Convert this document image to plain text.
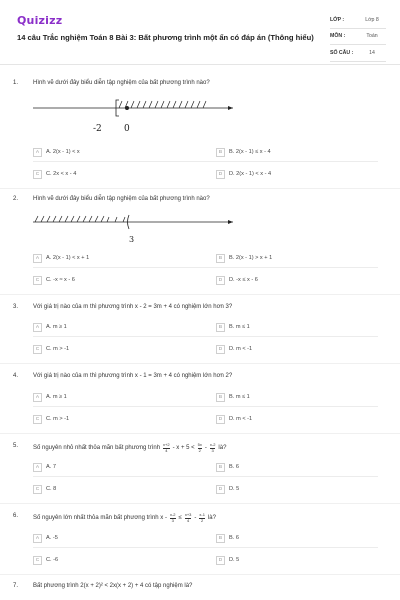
Quizizz
14 câu Trắc nghiệm Toán 8 Bài 3: Bất phương trình một ẩn có đáp án (Thông hiểu)
LỚP :	Lớp 8
MÔN :	Toán
SỐ CÂU :	14
1. Hình vẽ dưới đây biểu diễn tập nghiệm của bất phương trình nào?
-2 0
A	A. 2(x - 1) < x	B	B. 2(x - 1) ≤ x - 4
C	C. 2x < x - 4	D	D. 2(x - 1) < x - 4
2. Hình vẽ dưới đây biểu diễn tập nghiệm của bất phương trình nào?
3
A	A. 2(x - 1) < x + 1	B	B. 2(x - 1) > x + 1
C	C. -x ≈ x - 6	D	D. -x ≤ x - 6
3. Với giá trị nào của m thì phương trình x - 2 = 3m + 4 có nghiệm lớn hơn 3?
A	A. m ≥ 1	B	B. m ≤ 1
C	C. m > -1	D	D. m < -1
4. Với giá trị nào của m thì phương trình x - 1 = 3m + 4 có nghiệm lớn hơn 2?
A	A. m ≥ 1	B	B. m ≤ 1
C	C. m > -1	D	D. m < -1
5. Số nguyên nhỏ nhất thỏa mãn bất phương trình $\frac{x+2}{4} - x + 5 < \frac{5x}{2} - \frac{x-2}{3}$ là?
A	A. 7	B	B. 6
C	C. 8	D	D. 5
6. Số nguyên lớn nhất thỏa mãn bất phương trình $x - \frac{x-2}{3} \le \frac{x+3}{4} - \frac{x-1}{2}$ là?
A	A. -5	B	B. 6
C	C. -6	D	D. 5
7. Bất phương trình 2(x + 2)² < 2x(x + 2) + 4 có tập nghiệm là?
